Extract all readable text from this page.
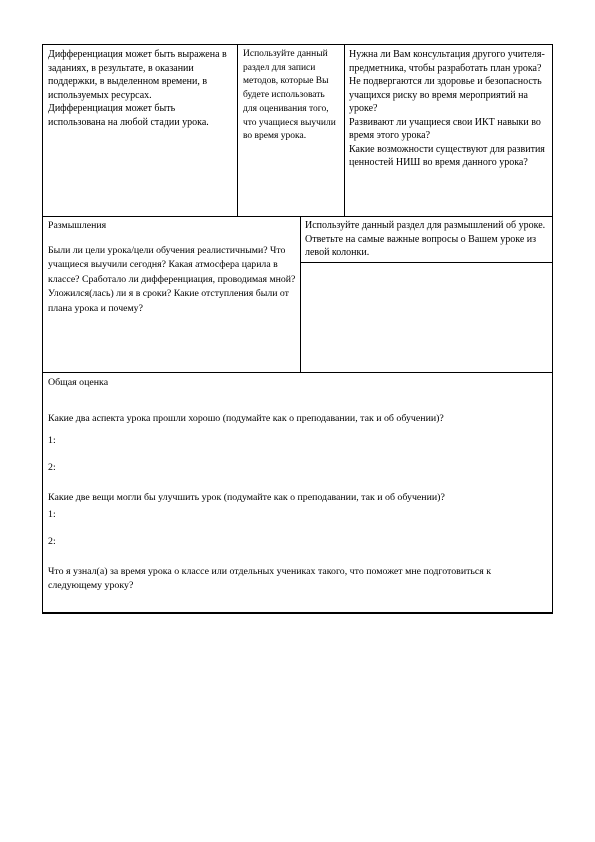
Дифференциация может быть выражена в заданиях, в результате, в оказании поддержки, в выделенном времени, в используемых ресурсах.

Дифференциация может быть использована на любой стадии урока.

Используйте данный раздел для записи методов, которые Вы будете использовать для оценивания того, что учащиеся выучили во время урока.

Нужна ли Вам консультация другого учителя-предметника, чтобы разработать план урока?

Не подвергаются ли здоровье и безопасность учащихся риску во время мероприятий на уроке?

Развивают ли учащиеся свои ИКТ навыки во время этого урока?

Какие возможности существуют для развития ценностей НИШ во время данного урока?

Размышления

Были ли цели урока/цели обучения реалистичными? Что учащиеся выучили сегодня? Какая атмосфера царила в классе? Сработало ли дифференциация, проводимая мной? Уложился(лась) ли я в сроки? Какие отступления были от плана урока и почему?

Используйте данный раздел для размышлений об уроке. Ответьте на самые важные вопросы о Вашем уроке из левой колонки.

Общая оценка

Какие два аспекта урока прошли хорошо (подумайте как о преподавании, так и об обучении)?

1:

2:

Какие две вещи могли бы улучшить урок (подумайте как о преподавании, так и об обучении)?

1:

2:

Что я узнал(а) за время урока о классе или отдельных учениках такого, что поможет мне подготовиться к следующему уроку?
